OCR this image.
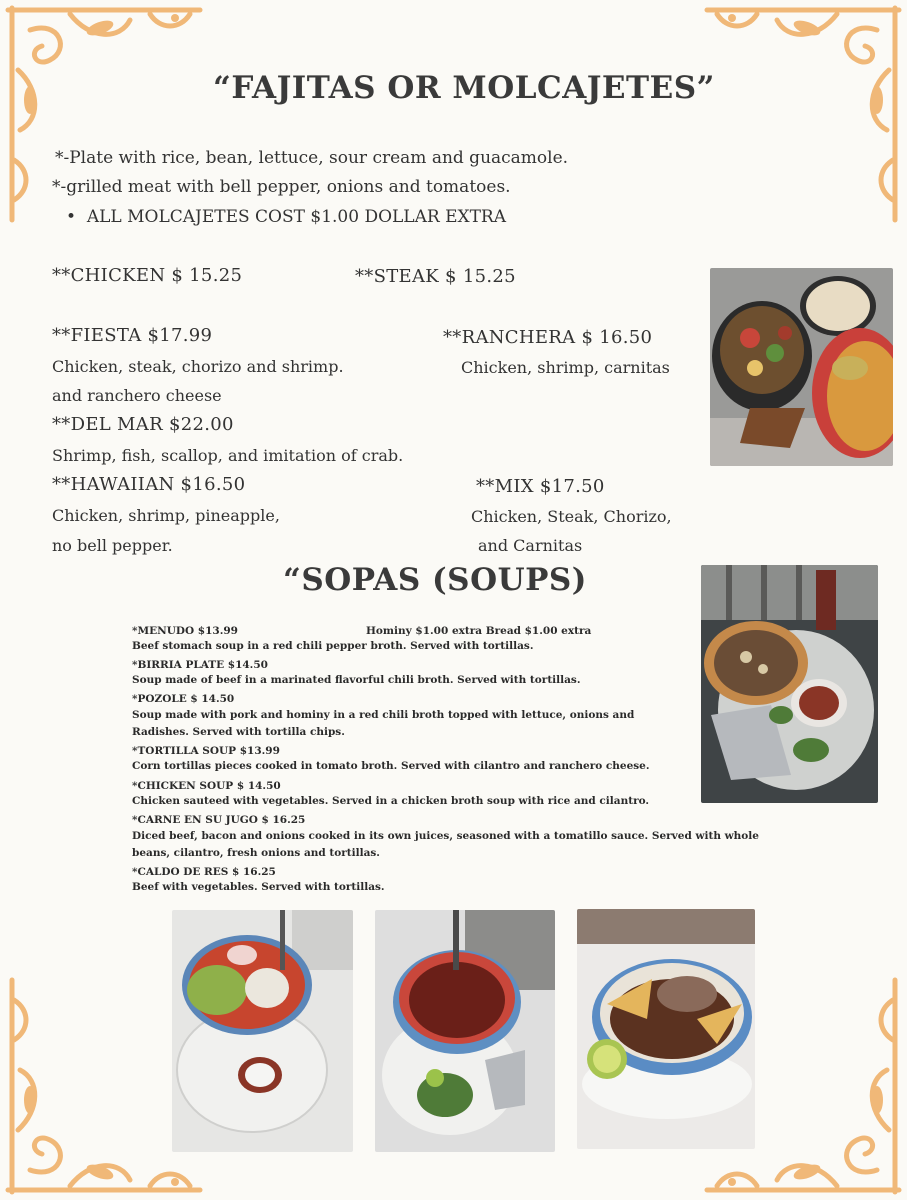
“FAJITAS OR MOLCAJETES”
*-Plate with rice, bean, lettuce, sour cream and guacamole.
*-grilled meat with bell pepper, onions and tomatoes.
•  ALL MOLCAJETES COST $1.00 DOLLAR EXTRA
**CHICKEN $ 15.25	**STEAK $ 15.25
**FIESTA $17.99
Chicken, steak, chorizo and shrimp.
and ranchero cheese
**RANCHERA $ 16.50
Chicken, shrimp, carnitas
**DEL MAR $22.00
Shrimp, fish, scallop, and imitation of crab.
**HAWAIIAN $16.50
Chicken, shrimp, pineapple,
no bell pepper.
**MIX $17.50
Chicken, Steak, Chorizo,
and Carnitas
“SOPAS (SOUPS)
*MENUDO $13.99	Hominy $1.00 extra Bread $1.00 extra
Beef stomach soup in a red chili pepper broth. Served with tortillas.
*BIRRIA PLATE $14.50
Soup made of beef in a marinated flavorful chili broth. Served with tortillas.
*POZOLE $ 14.50
Soup made with pork and hominy in a red chili broth topped with lettuce, onions and
Radishes. Served with tortilla chips.
*TORTILLA SOUP $13.99
Corn tortillas pieces cooked in tomato broth. Served with cilantro and ranchero cheese.
*CHICKEN SOUP $ 14.50
Chicken sauteed with vegetables. Served in a chicken broth soup with rice and cilantro.
*CARNE EN SU JUGO $ 16.25
Diced beef, bacon and onions cooked in its own juices, seasoned with a tomatillo sauce. Served with whole
beans, cilantro, fresh onions and tortillas.
*CALDO DE RES $ 16.25
Beef with vegetables. Served with tortillas.
